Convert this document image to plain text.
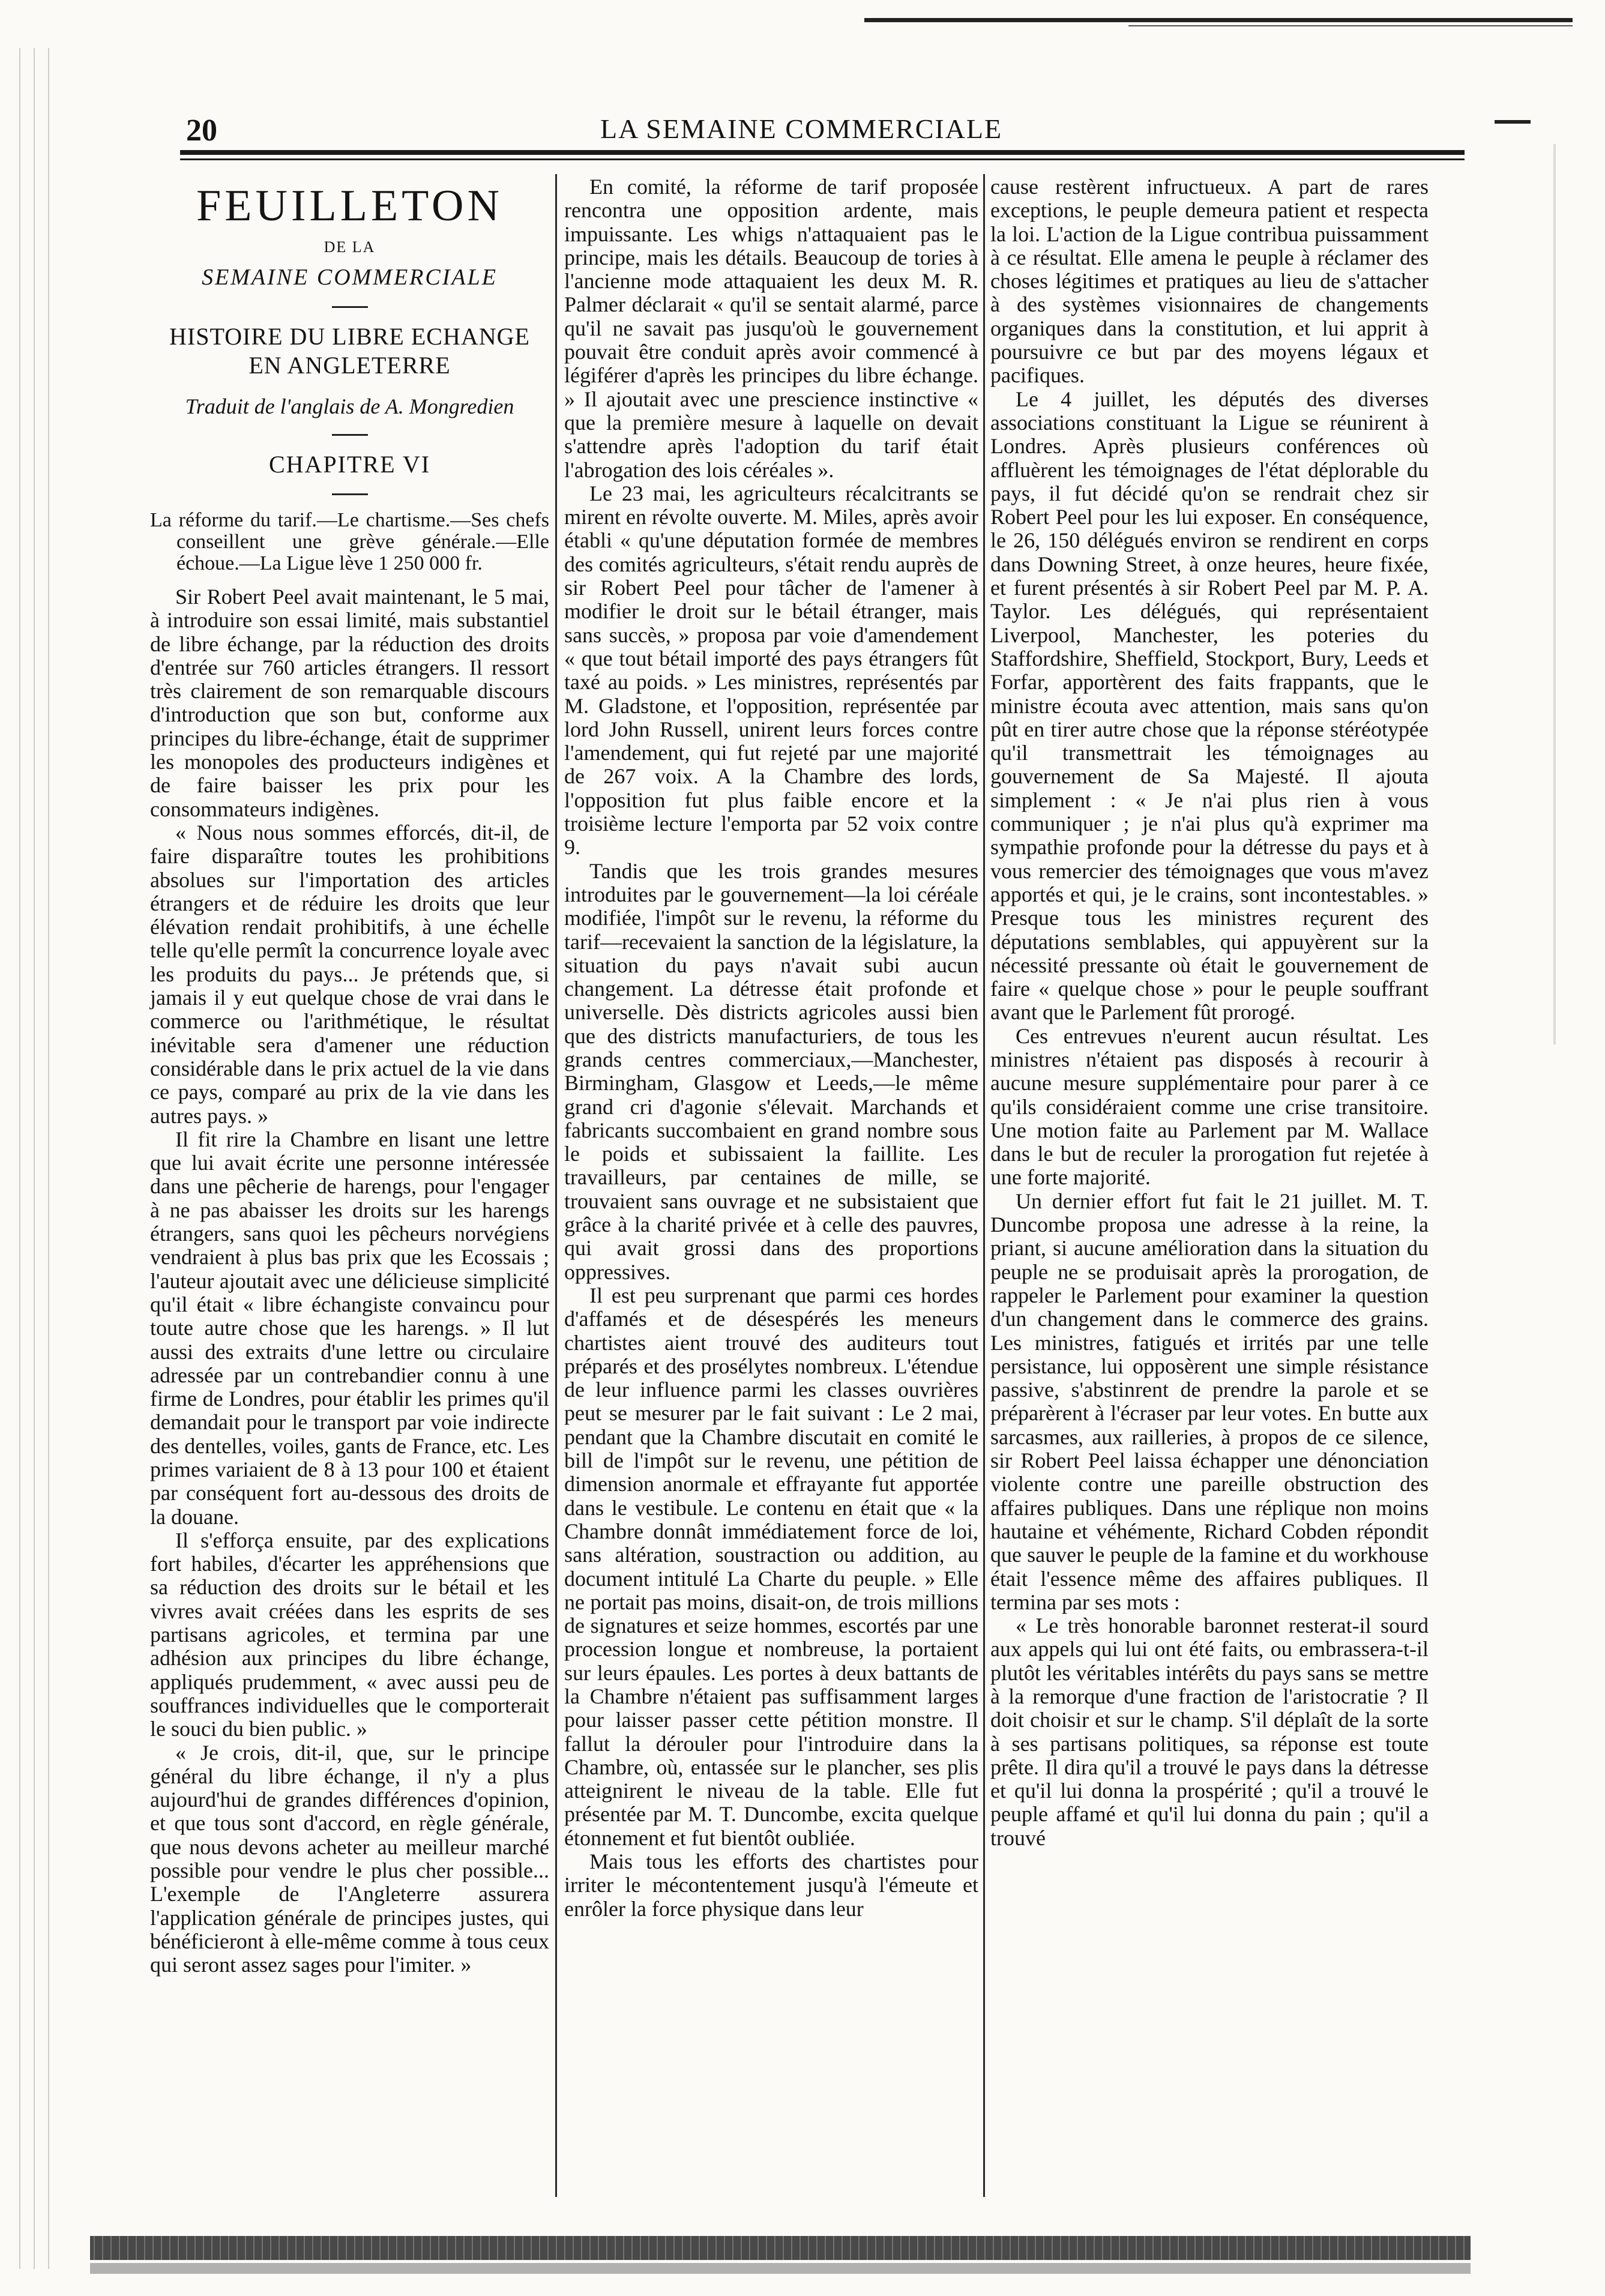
20	LA SEMAINE COMMERCIALE
FEUILLETON
DE LA
SEMAINE COMMERCIALE
HISTOIRE DU LIBRE ECHANGE
EN ANGLETERRE
Traduit de l'anglais de A. Mongredien
CHAPITRE VI
La réforme du tarif.—Le chartisme.—Ses chefs conseillent une grève générale.—Elle échoue.—La Ligue lève 1 250 000 fr.

Sir Robert Peel avait maintenant, le 5 mai, à introduire son essai limité, mais substantiel de libre échange, par la réduction des droits d'entrée sur 760 articles étrangers. Il ressort très clairement de son remarquable discours d'introduction que son but, conforme aux principes du libre-échange, était de supprimer les monopoles des producteurs indigènes et de faire baisser les prix pour les consommateurs indigènes.

« Nous nous sommes efforcés, dit-il, de faire disparaître toutes les prohibitions absolues sur l'importation des articles étrangers et de réduire les droits que leur élévation rendait prohibitifs, à une échelle telle qu'elle permît la concurrence loyale avec les produits du pays... Je prétends que, si jamais il y eut quelque chose de vrai dans le commerce ou l'arithmétique, le résultat inévitable sera d'amener une réduction considérable dans le prix actuel de la vie dans ce pays, comparé au prix de la vie dans les autres pays. »

Il fit rire la Chambre en lisant une lettre que lui avait écrite une personne intéressée dans une pêcherie de harengs, pour l'engager à ne pas abaisser les droits sur les harengs étrangers, sans quoi les pêcheurs norvégiens vendraient à plus bas prix que les Ecossais ; l'auteur ajoutait avec une délicieuse simplicité qu'il était « libre échangiste convaincu pour toute autre chose que les harengs. » Il lut aussi des extraits d'une lettre ou circulaire adressée par un contrebandier connu à une firme de Londres, pour établir les primes qu'il demandait pour le transport par voie indirecte des dentelles, voiles, gants de France, etc. Les primes variaient de 8 à 13 pour 100 et étaient par conséquent fort au-dessous des droits de la douane.

Il s'efforça ensuite, par des explications fort habiles, d'écarter les appréhensions que sa réduction des droits sur le bétail et les vivres avait créées dans les esprits de ses partisans agricoles, et termina par une adhésion aux principes du libre échange, appliqués prudemment, « avec aussi peu de souffrances individuelles que le comporterait le souci du bien public. »

« Je crois, dit-il, que, sur le principe général du libre échange, il n'y a plus aujourd'hui de grandes différences d'opinion, et que tous sont d'accord, en règle générale, que nous devons acheter au meilleur marché possible pour vendre le plus cher possible... L'exemple de l'Angleterre assurera l'application générale de principes justes, qui bénéficieront à elle-même comme à tous ceux qui seront assez sages pour l'imiter. »

En comité, la réforme de tarif proposée rencontra une opposition ardente, mais impuissante. Les whigs n'attaquaient pas le principe, mais les détails. Beaucoup de tories à l'ancienne mode attaquaient les deux M. R. Palmer déclarait « qu'il se sentait alarmé, parce qu'il ne savait pas jusqu'où le gouvernement pouvait être conduit après avoir commencé à légiférer d'après les principes du libre échange. » Il ajoutait avec une prescience instinctive « que la première mesure à laquelle on devait s'attendre après l'adoption du tarif était l'abrogation des lois céréales ».

Le 23 mai, les agriculteurs récalcitrants se mirent en révolte ouverte. M. Miles, après avoir établi « qu'une députation formée de membres des comités agriculteurs, s'était rendu auprès de sir Robert Peel pour tâcher de l'amener à modifier le droit sur le bétail étranger, mais sans succès, » proposa par voie d'amendement « que tout bétail importé des pays étrangers fût taxé au poids. » Les ministres, représentés par M. Gladstone, et l'opposition, représentée par lord John Russell, unirent leurs forces contre l'amendement, qui fut rejeté par une majorité de 267 voix. A la Chambre des lords, l'opposition fut plus faible encore et la troisième lecture l'emporta par 52 voix contre 9.

Tandis que les trois grandes mesures introduites par le gouvernement—la loi céréale modifiée, l'impôt sur le revenu, la réforme du tarif—recevaient la sanction de la législature, la situation du pays n'avait subi aucun changement. La détresse était profonde et universelle. Dès districts agricoles aussi bien que des districts manufacturiers, de tous les grands centres commerciaux,—Manchester, Birmingham, Glasgow et Leeds,—le même grand cri d'agonie s'élevait. Marchands et fabricants succombaient en grand nombre sous le poids et subissaient la faillite. Les travailleurs, par centaines de mille, se trouvaient sans ouvrage et ne subsistaient que grâce à la charité privée et à celle des pauvres, qui avait grossi dans des proportions oppressives.

Il est peu surprenant que parmi ces hordes d'affamés et de désespérés les meneurs chartistes aient trouvé des auditeurs tout préparés et des prosélytes nombreux. L'étendue de leur influence parmi les classes ouvrières peut se mesurer par le fait suivant : Le 2 mai, pendant que la Chambre discutait en comité le bill de l'impôt sur le revenu, une pétition de dimension anormale et effrayante fut apportée dans le vestibule. Le contenu en était que « la Chambre donnât immédiatement force de loi, sans altération, soustraction ou addition, au document intitulé La Charte du peuple. » Elle ne portait pas moins, disait-on, de trois millions de signatures et seize hommes, escortés par une procession longue et nombreuse, la portaient sur leurs épaules. Les portes à deux battants de la Chambre n'étaient pas suffisamment larges pour laisser passer cette pétition monstre. Il fallut la dérouler pour l'introduire dans la Chambre, où, entassée sur le plancher, ses plis atteignirent le niveau de la table. Elle fut présentée par M. T. Duncombe, excita quelque étonnement et fut bientôt oubliée.

Mais tous les efforts des chartistes pour irriter le mécontentement jusqu'à l'émeute et enrôler la force physique dans leur

cause restèrent infructueux. A part de rares exceptions, le peuple demeura patient et respecta la loi. L'action de la Ligue contribua puissamment à ce résultat. Elle amena le peuple à réclamer des choses légitimes et pratiques au lieu de s'attacher à des systèmes visionnaires de changements organiques dans la constitution, et lui apprit à poursuivre ce but par des moyens légaux et pacifiques.

Le 4 juillet, les députés des diverses associations constituant la Ligue se réunirent à Londres. Après plusieurs conférences où affluèrent les témoignages de l'état déplorable du pays, il fut décidé qu'on se rendrait chez sir Robert Peel pour les lui exposer. En conséquence, le 26, 150 délégués environ se rendirent en corps dans Downing Street, à onze heures, heure fixée, et furent présentés à sir Robert Peel par M. P. A. Taylor. Les délégués, qui représentaient Liverpool, Manchester, les poteries du Staffordshire, Sheffield, Stockport, Bury, Leeds et Forfar, apportèrent des faits frappants, que le ministre écouta avec attention, mais sans qu'on pût en tirer autre chose que la réponse stéréotypée qu'il transmettrait les témoignages au gouvernement de Sa Majesté. Il ajouta simplement : « Je n'ai plus rien à vous communiquer ; je n'ai plus qu'à exprimer ma sympathie profonde pour la détresse du pays et à vous remercier des témoignages que vous m'avez apportés et qui, je le crains, sont incontestables. » Presque tous les ministres reçurent des députations semblables, qui appuyèrent sur la nécessité pressante où était le gouvernement de faire « quelque chose » pour le peuple souffrant avant que le Parlement fût prorogé.

Ces entrevues n'eurent aucun résultat. Les ministres n'étaient pas disposés à recourir à aucune mesure supplémentaire pour parer à ce qu'ils considéraient comme une crise transitoire. Une motion faite au Parlement par M. Wallace dans le but de reculer la prorogation fut rejetée à une forte majorité.

Un dernier effort fut fait le 21 juillet. M. T. Duncombe proposa une adresse à la reine, la priant, si aucune amélioration dans la situation du peuple ne se produisait après la prorogation, de rappeler le Parlement pour examiner la question d'un changement dans le commerce des grains. Les ministres, fatigués et irrités par une telle persistance, lui opposèrent une simple résistance passive, s'abstinrent de prendre la parole et se préparèrent à l'écraser par leur votes. En butte aux sarcasmes, aux railleries, à propos de ce silence, sir Robert Peel laissa échapper une dénonciation violente contre une pareille obstruction des affaires publiques. Dans une réplique non moins hautaine et véhémente, Richard Cobden répondit que sauver le peuple de la famine et du workhouse était l'essence même des affaires publiques. Il termina par ses mots :

« Le très honorable baronnet resterat-il sourd aux appels qui lui ont été faits, ou embrassera-t-il plutôt les véritables intérêts du pays sans se mettre à la remorque d'une fraction de l'aristocratie ? Il doit choisir et sur le champ. S'il déplaît de la sorte à ses partisans politiques, sa réponse est toute prête. Il dira qu'il a trouvé le pays dans la détresse et qu'il lui donna la prospérité ; qu'il a trouvé le peuple affamé et qu'il lui donna du pain ; qu'il a trouvé
